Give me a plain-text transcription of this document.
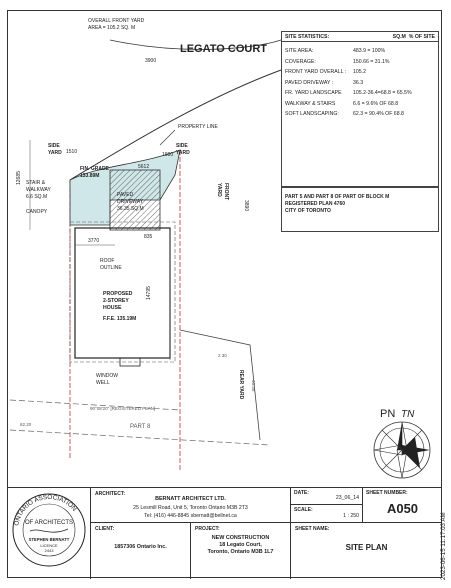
LEGATO COURT
OVERALL FRONT YARD AREA = 105.2 SQ. M
PROPERTY LINE
SIDE YARD SIDE YARD
FIN. GRADE 133.89M
STAIR & WALKWAY 6.6 SQ.M
CANOPY
PAVED DRIVEWAY 36.35 SQ.M
ROOF OUTLINE
PROPOSED 2-STOREY HOUSE
F.F.E. 135.19M
WINDOW WELL
FRONT YARD
REAR YARD
PART 8
90°08'20" [REGISTERED PLAN]
3900 1510	1980 5612 3770 835
12685
14795
3890
2.30
10.40
62.20
PN TN
SITE STATISTICS:	SQ.M % OF SITE
SITE AREA:	483.9 = 100%
COVERAGE:	150.66 = 31.1%
FRONT YARD OVERALL :	105.2
PAVED DRIVEWAY :	36.3
FR. YARD LANDSCAPE	105.2-36.4=68.8 = 65.5%
WALKWAY & STAIRS	6.6 = 9.6% OF 68.8
SOFT LANDSCAPING:	62.3 = 90.4% OF 68.8
PART 5 AND PART 8 OF PART OF BLOCK M
REGISTERED PLAN 4760
CITY OF TORONTO
ONTARIO ASSOCIATION
OF ARCHITECTS
STEPHEN BERNATT
LICENCE
2443
ARCHITECT:
BERNATT ARCHITECT LTD.
25 Lesmill Road, Unit 5, Toronto Ontario M3B 2T3
Tel: (416) 446-8845 sbernatt@bellnet.ca
CLIENT:
1857306 Ontario Inc.
PROJECT:
NEW CONSTRUCTION
18 Legato Court,
Toronto, Ontario M3B 1L7
DATE:
23_06_14
SCALE:
1 : 250
SHEET NUMBER:
A050
SHEET NAME:
SITE PLAN	2023-06-15 11:17:03 AM
